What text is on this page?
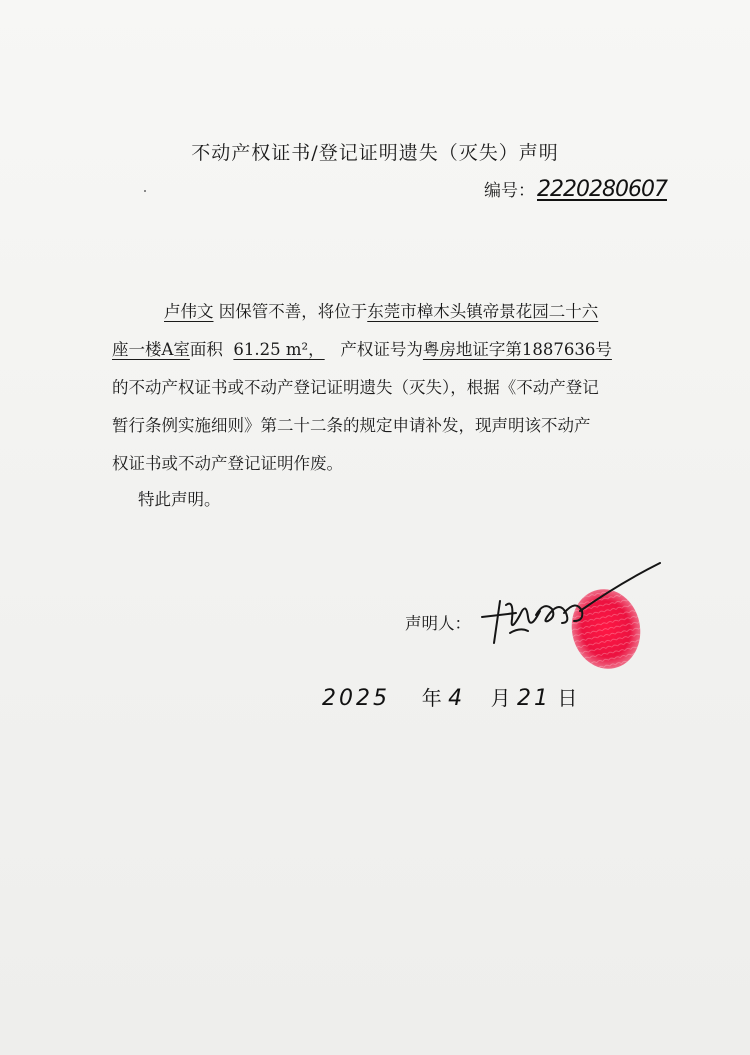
不动产权证书/登记证明遗失（灭失）声明
编号：2220280607
卢伟文 因保管不善，将位于东莞市樟木头镇帝景花园二十六
座一楼A室面积 61.25 m²， 产权证号为粤房地证字第1887636号
的不动产权证书或不动产登记证明遗失（灭失），根据《不动产登记
暂行条例实施细则》第二十二条的规定申请补发，现声明该不动产
权证书或不动产登记证明作废。
特此声明。
声明人：
2025 年 4 月 21 日
